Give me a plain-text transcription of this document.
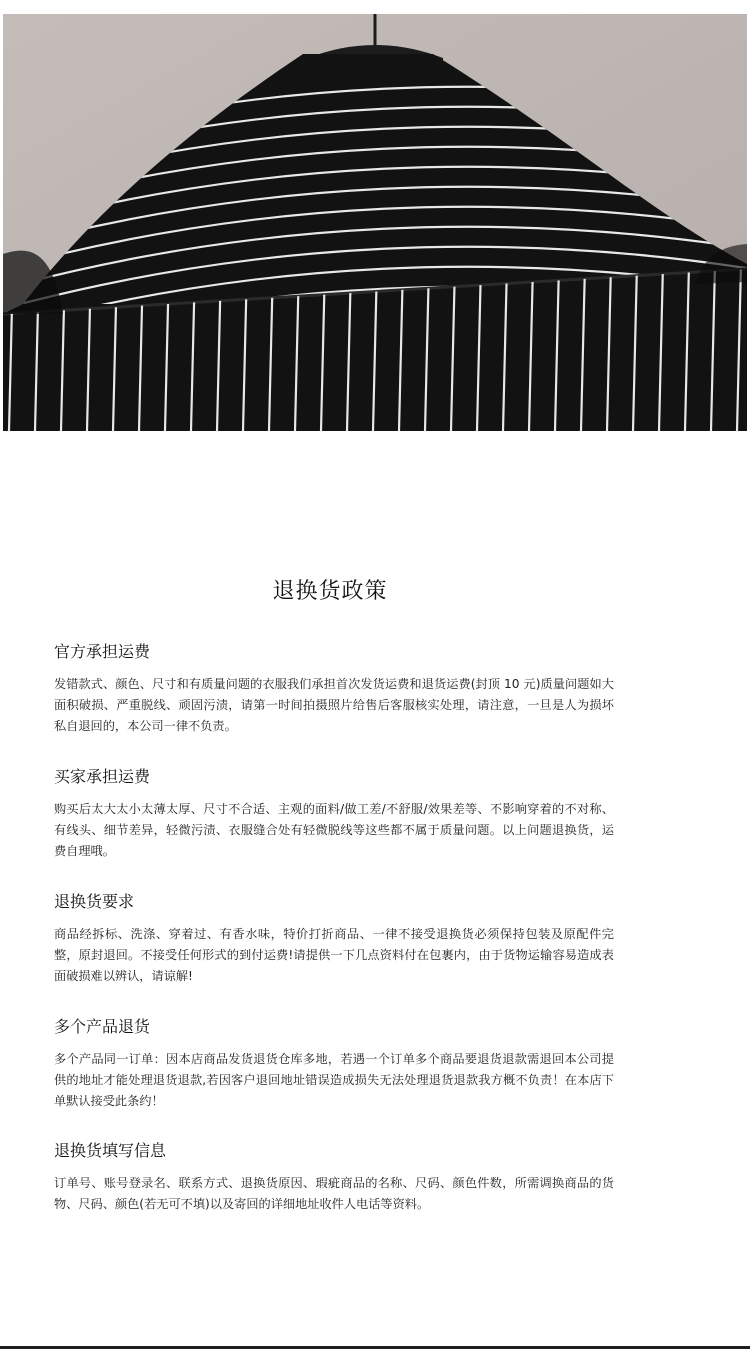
退换货政策
官方承担运费

发错款式、颜色、尺寸和有质量问题的衣服我们承担首次发货运费和退货运费(封顶 10 元)质量问题如大面积破损、严重脱线、顽固污渍，请第一时间拍摄照片给售后客服核实处理，请注意，一旦是人为损坏私自退回的，本公司一律不负责。

买家承担运费

购买后太大太小太薄太厚、尺寸不合适、主观的面料/做工差/不舒服/效果差等、不影响穿着的不对称、有线头、细节差异，轻微污渍、衣服缝合处有轻微脱线等这些都不属于质量问题。以上问题退换货，运费自理哦。

退换货要求

商品经拆标、洗涤、穿着过、有香水味，特价打折商品、一律不接受退换货必须保持包装及原配件完整，原封退回。不接受任何形式的到付运费!请提供一下几点资料付在包裹内，由于货物运输容易造成表面破损难以辨认，请谅解!

多个产品退货

多个产品同一订单：因本店商品发货退货仓库多地，若遇一个订单多个商品要退货退款需退回本公司提供的地址才能处理退货退款,若因客户退回地址错误造成损失无法处理退货退款我方概不负责！在本店下单默认接受此条约！

退换货填写信息

订单号、账号登录名、联系方式、退换货原因、瑕疵商品的名称、尺码、颜色件数，所需调换商品的货物、尺码、颜色(若无可不填)以及寄回的详细地址收件人电话等资料。
